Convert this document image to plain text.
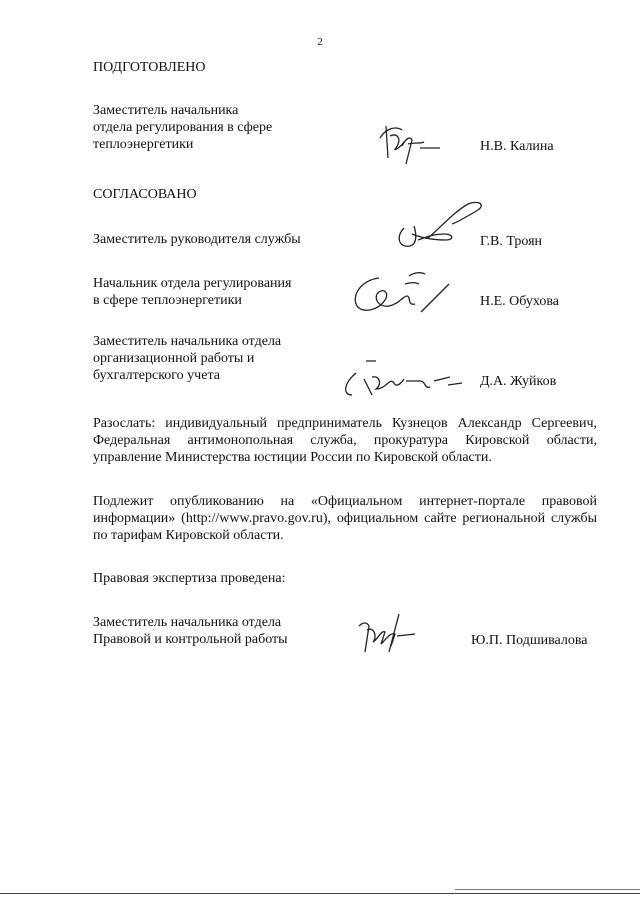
2
ПОДГОТОВЛЕНО
Заместитель начальника
отдела регулирования в сфере
теплоэнергетики	Н.В. Калина
СОГЛАСОВАНО
Заместитель руководителя службы	Г.В. Троян
Начальник отдела регулирования
в сфере теплоэнергетики	Н.Е. Обухова
Заместитель начальника отдела
организационной работы и
бухгалтерского учета	Д.А. Жуйков
Разослать: индивидуальный предприниматель Кузнецов Александр Сергеевич, Федеральная антимонопольная служба, прокуратура Кировской области, управление Министерства юстиции России по Кировской области.
Подлежит опубликованию на «Официальном интернет-портале правовой информации» (http://www.pravo.gov.ru), официальном сайте региональной службы по тарифам Кировской области.
Правовая экспертиза проведена:
Заместитель начальника отдела
Правовой и контрольной работы	Ю.П. Подшивалова
